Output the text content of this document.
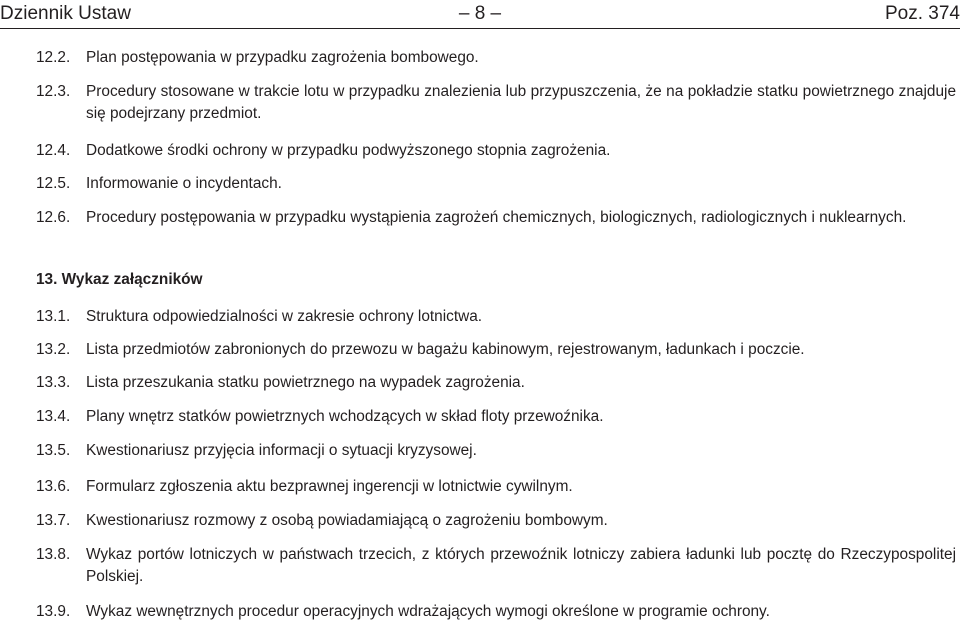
Dziennik Ustaw	– 8 –	Poz. 374
12.2. Plan postępowania w przypadku zagrożenia bombowego.
12.3. Procedury stosowane w trakcie lotu w przypadku znalezienia lub przypuszczenia, że na pokładzie statku powietrznego znajduje się podejrzany przedmiot.
12.4. Dodatkowe środki ochrony w przypadku podwyższonego stopnia zagrożenia.
12.5. Informowanie o incydentach.
12.6. Procedury postępowania w przypadku wystąpienia zagrożeń chemicznych, biologicznych, radiologicznych i nuklearnych.
13. Wykaz załączników
13.1. Struktura odpowiedzialności w zakresie ochrony lotnictwa.
13.2. Lista przedmiotów zabronionych do przewozu w bagażu kabinowym, rejestrowanym, ładunkach i poczcie.
13.3. Lista przeszukania statku powietrznego na wypadek zagrożenia.
13.4. Plany wnętrz statków powietrznych wchodzących w skład floty przewoźnika.
13.5. Kwestionariusz przyjęcia informacji o sytuacji kryzysowej.
13.6. Formularz zgłoszenia aktu bezprawnej ingerencji w lotnictwie cywilnym.
13.7. Kwestionariusz rozmowy z osobą powiadamiającą o zagrożeniu bombowym.
13.8. Wykaz portów lotniczych w państwach trzecich, z których przewoźnik lotniczy zabiera ładunki lub pocztę do Rzeczypospolitej Polskiej.
13.9. Wykaz wewnętrznych procedur operacyjnych wdrażających wymogi określone w programie ochrony.
